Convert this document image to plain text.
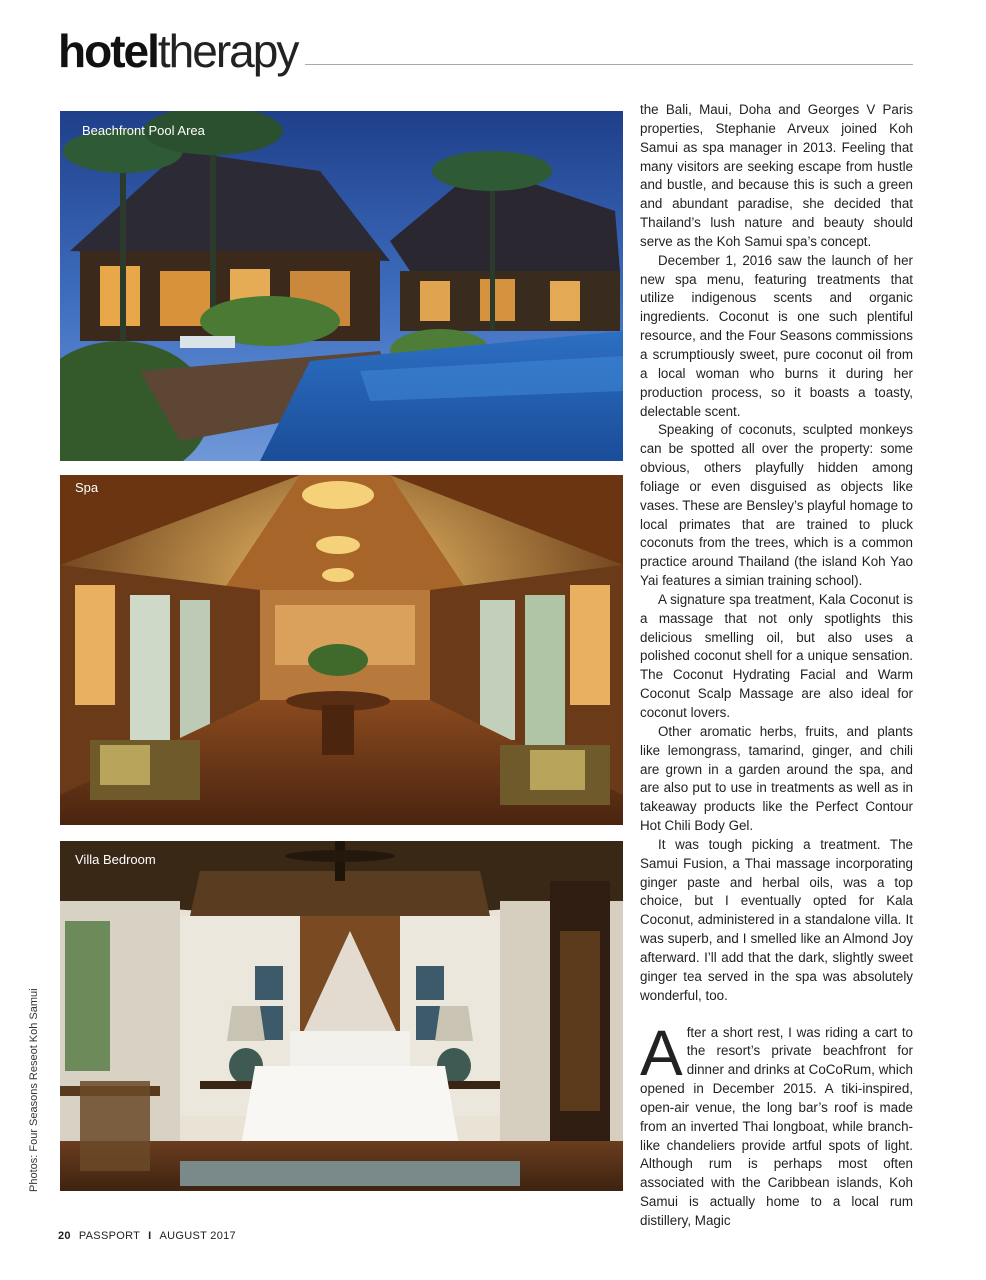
hotel therapy
Beachfront Pool Area
Spa
Villa Bedroom
Photos: Four Seasons Reseot Koh Samui

the Bali, Maui, Doha and Georges V Paris properties, Stephanie Arveux joined Koh Samui as spa manager in 2013. Feeling that many visitors are seeking escape from hustle and bustle, and because this is such a green and abundant paradise, she decided that Thailand’s lush nature and beauty should serve as the Koh Samui spa’s concept.

December 1, 2016 saw the launch of her new spa menu, featuring treatments that utilize indigenous scents and organic ingredients. Coconut is one such plentiful resource, and the Four Seasons commissions a scrumptiously sweet, pure coconut oil from a local woman who burns it during her production process, so it boasts a toasty, delectable scent.

Speaking of coconuts, sculpted monkeys can be spotted all over the property: some obvious, others playfully hidden among foliage or even disguised as objects like vases. These are Bensley’s playful homage to local primates that are trained to pluck coconuts from the trees, which is a common practice around Thailand (the island Koh Yao Yai features a simian training school).

A signature spa treatment, Kala Coconut is a massage that not only spotlights this delicious smelling oil, but also uses a polished coconut shell for a unique sensation. The Coconut Hydrating Facial and Warm Coconut Scalp Massage are also ideal for coconut lovers.

Other aromatic herbs, fruits, and plants like lemongrass, tamarind, ginger, and chili are grown in a garden around the spa, and are also put to use in treatments as well as in takeaway products like the Perfect Contour Hot Chili Body Gel.

It was tough picking a treatment. The Samui Fusion, a Thai massage incorporating ginger paste and herbal oils, was a top choice, but I eventually opted for Kala Coconut, administered in a standalone villa. It was superb, and I smelled like an Almond Joy afterward. I’ll add that the dark, slightly sweet ginger tea served in the spa was absolutely wonderful, too.

After a short rest, I was riding a cart to the resort’s private beachfront for dinner and drinks at CoCoRum, which opened in December 2015. A tiki-inspired, open-air venue, the long bar’s roof is made from an inverted Thai longboat, while branch-like chandeliers provide artful spots of light. Although rum is perhaps most often associated with the Caribbean islands, Koh Samui is actually home to a local rum distillery, Magic

20 PASSPORT I AUGUST 2017
